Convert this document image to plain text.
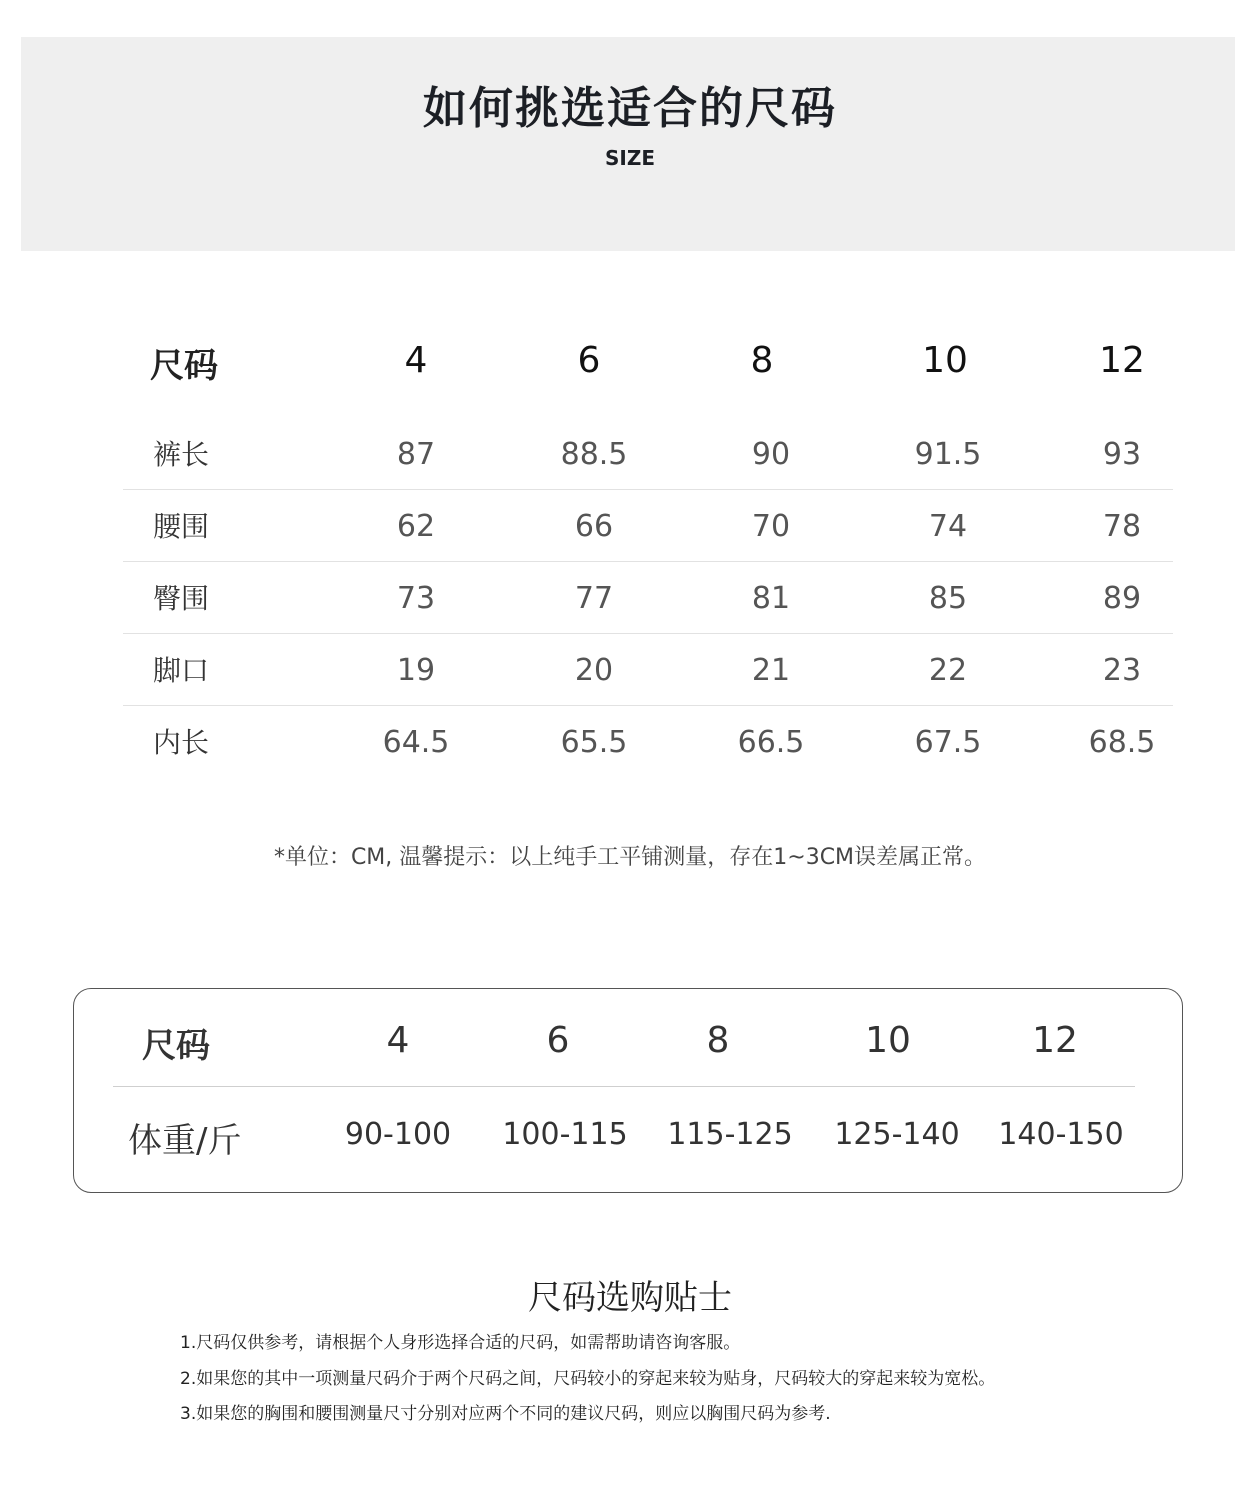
如何挑选适合的尺码
SIZE
尺码	4	6	8	10	12
裤长	87	88.5	90	91.5	93
腰围	62	66	70	74	78
臀围	73	77	81	85	89
脚口	19	20	21	22	23
内长	64.5	65.5	66.5	67.5	68.5
*单位：CM, 温馨提示：以上纯手工平铺测量，存在1~3CM误差属正常。
尺码	4	6	8	10	12
体重/斤	90-100 100-115 115-125 125-140 140-150
尺码选购贴士
1.尺码仅供参考，请根据个人身形选择合适的尺码，如需帮助请咨询客服。
2.如果您的其中一项测量尺码介于两个尺码之间，尺码较小的穿起来较为贴身，尺码较大的穿起来较为宽松。
3.如果您的胸围和腰围测量尺寸分别对应两个不同的建议尺码，则应以胸围尺码为参考.
